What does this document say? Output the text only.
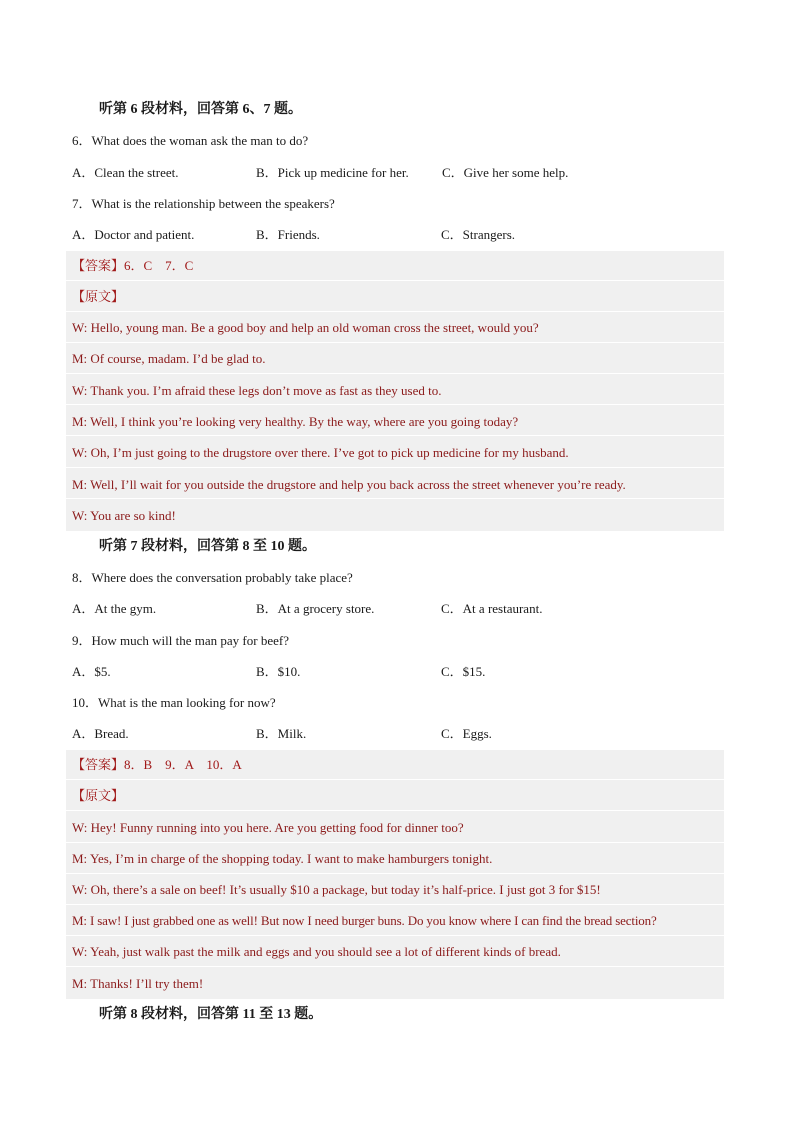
听第 6 段材料，回答第 6、7 题。
6．What does the woman ask the man to do?
A．Clean the street.	B．Pick up medicine for her.	C．Give her some help.
7．What is the relationship between the speakers?
A．Doctor and patient.	B．Friends.	C．Strangers.
【答案】6．C　7．C
【原文】
W: Hello, young man. Be a good boy and help an old woman cross the street, would you?
M: Of course, madam. I’d be glad to.
W: Thank you. I’m afraid these legs don’t move as fast as they used to.
M: Well, I think you’re looking very healthy. By the way, where are you going today?
W: Oh, I’m just going to the drugstore over there. I’ve got to pick up medicine for my husband.
M: Well, I’ll wait for you outside the drugstore and help you back across the street whenever you’re ready.
W: You are so kind!
听第 7 段材料，回答第 8 至 10 题。
8．Where does the conversation probably take place?
A．At the gym.	B．At a grocery store.	C．At a restaurant.
9．How much will the man pay for beef?
A．$5.	B．$10.	C．$15.
10．What is the man looking for now?
A．Bread.	B．Milk.	C．Eggs.
【答案】8．B　9．A　10．A
【原文】
W: Hey! Funny running into you here. Are you getting food for dinner too?
M: Yes, I’m in charge of the shopping today. I want to make hamburgers tonight.
W: Oh, there’s a sale on beef! It’s usually $10 a package, but today it’s half-price. I just got 3 for $15!
M: I saw! I just grabbed one as well! But now I need burger buns. Do you know where I can find the bread section?
W: Yeah, just walk past the milk and eggs and you should see a lot of different kinds of bread.
M: Thanks! I’ll try them!
听第 8 段材料，回答第 11 至 13 题。
